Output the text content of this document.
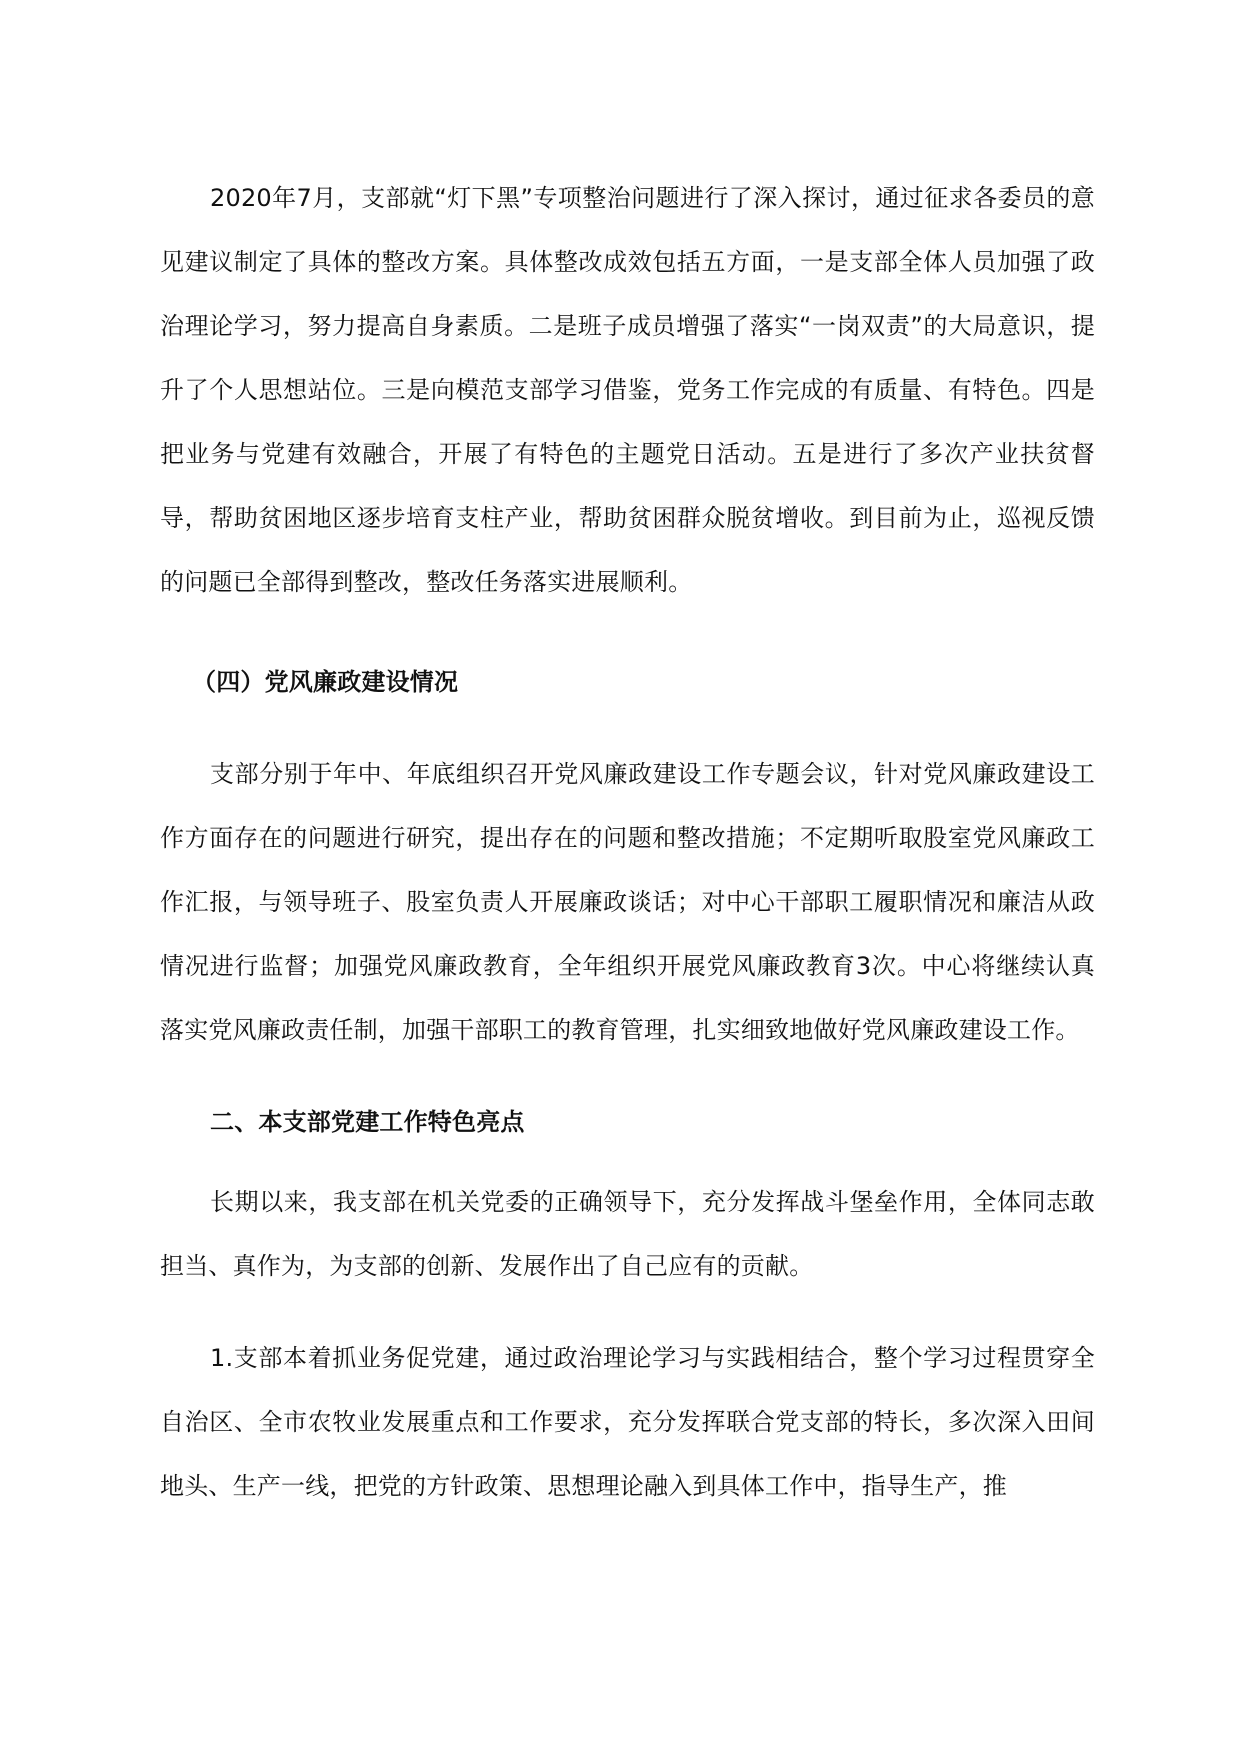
2020年7月，支部就“灯下黑”专项整治问题进行了深入探讨，通过征求各委员的意见建议制定了具体的整改方案。具体整改成效包括五方面，一是支部全体人员加强了政治理论学习，努力提高自身素质。二是班子成员增强了落实“一岗双责”的大局意识，提升了个人思想站位。三是向模范支部学习借鉴，党务工作完成的有质量、有特色。四是把业务与党建有效融合，开展了有特色的主题党日活动。五是进行了多次产业扶贫督导，帮助贫困地区逐步培育支柱产业，帮助贫困群众脱贫增收。到目前为止，巡视反馈的问题已全部得到整改，整改任务落实进展顺利。

（四）党风廉政建设情况

支部分别于年中、年底组织召开党风廉政建设工作专题会议，针对党风廉政建设工作方面存在的问题进行研究，提出存在的问题和整改措施；不定期听取股室党风廉政工作汇报，与领导班子、股室负责人开展廉政谈话；对中心干部职工履职情况和廉洁从政情况进行监督；加强党风廉政教育，全年组织开展党风廉政教育3次。中心将继续认真落实党风廉政责任制，加强干部职工的教育管理，扎实细致地做好党风廉政建设工作。

二、本支部党建工作特色亮点

长期以来，我支部在机关党委的正确领导下，充分发挥战斗堡垒作用，全体同志敢担当、真作为，为支部的创新、发展作出了自己应有的贡献。

1.支部本着抓业务促党建，通过政治理论学习与实践相结合，整个学习过程贯穿全自治区、全市农牧业发展重点和工作要求，充分发挥联合党支部的特长，多次深入田间地头、生产一线，把党的方针政策、思想理论融入到具体工作中，指导生产，推
